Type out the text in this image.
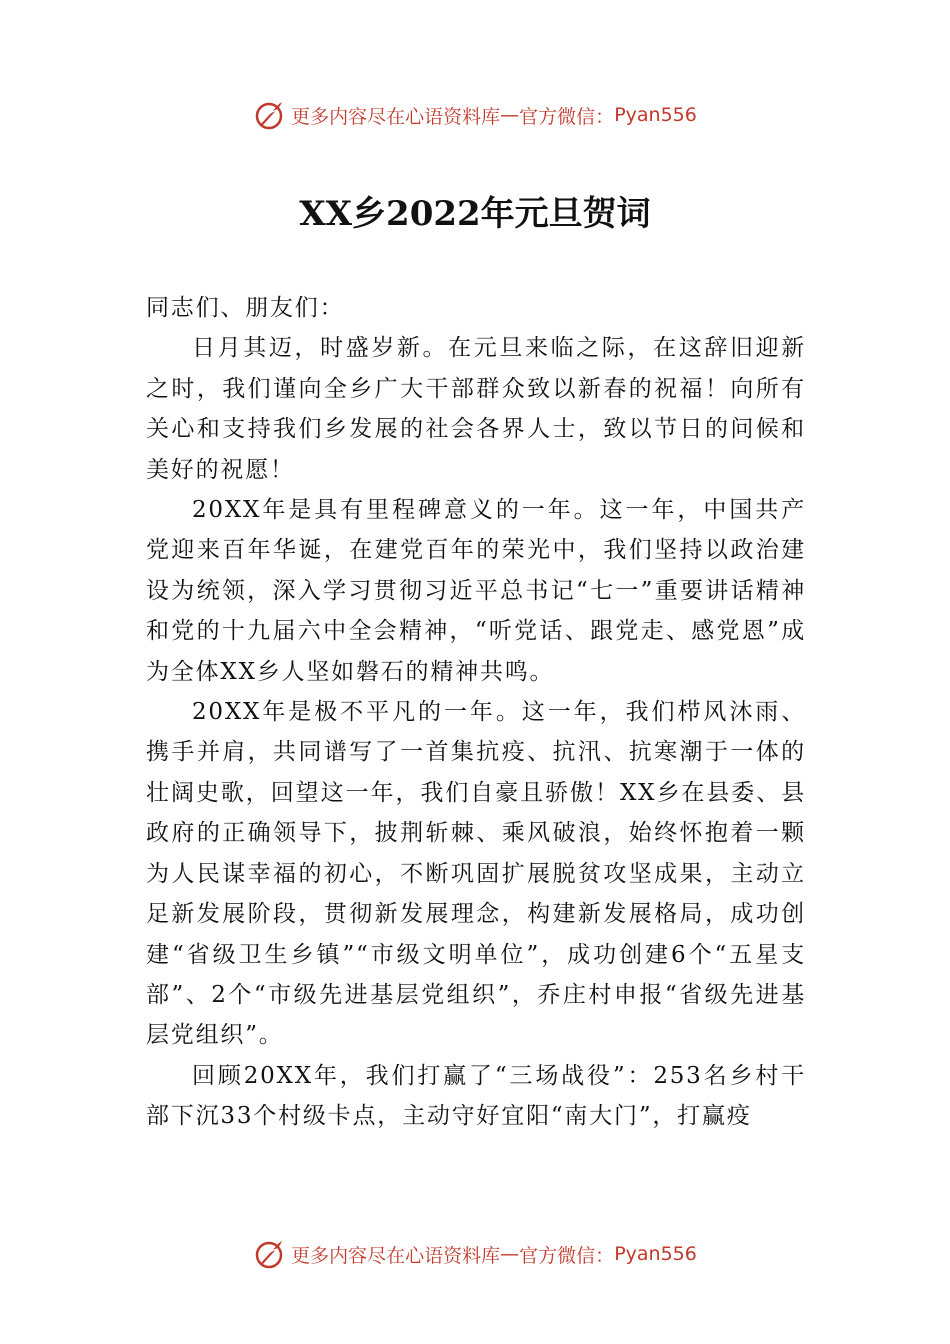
更多内容尽在心语资料库 — 官方微信： Pyan556
XX乡2022年元旦贺词

同志们、朋友们：

日月其迈，时盛岁新。在元旦来临之际，在这辞旧迎新之时，我们谨向全乡广大干部群众致以新春的祝福！向所有关心和支持我们乡发展的社会各界人士，致以节日的问候和美好的祝愿！

20XX年是具有里程碑意义的一年。这一年，中国共产党迎来百年华诞，在建党百年的荣光中，我们坚持以政治建设为统领，深入学习贯彻习近平总书记“七一”重要讲话精神和党的十九届六中全会精神，“听党话、跟党走、感党恩”成为全体XX乡人坚如磐石的精神共鸣。

20XX年是极不平凡的一年。这一年，我们栉风沐雨、携手并肩，共同谱写了一首集抗疫、抗汛、抗寒潮于一体的壮阔史歌，回望这一年，我们自豪且骄傲！XX乡在县委、县政府的正确领导下，披荆斩棘、乘风破浪，始终怀抱着一颗为人民谋幸福的初心，不断巩固扩展脱贫攻坚成果，主动立足新发展阶段，贯彻新发展理念，构建新发展格局，成功创建“省级卫生乡镇”“市级文明单位”，成功创建6个“五星支部”、2个“市级先进基层党组织”，乔庄村申报“省级先进基层党组织”。

回顾20XX年，我们打赢了“三场战役”：253名乡村干部下沉33个村级卡点，主动守好宜阳“南大门”，打赢疫

更多内容尽在心语资料库 — 官方微信： Pyan556
